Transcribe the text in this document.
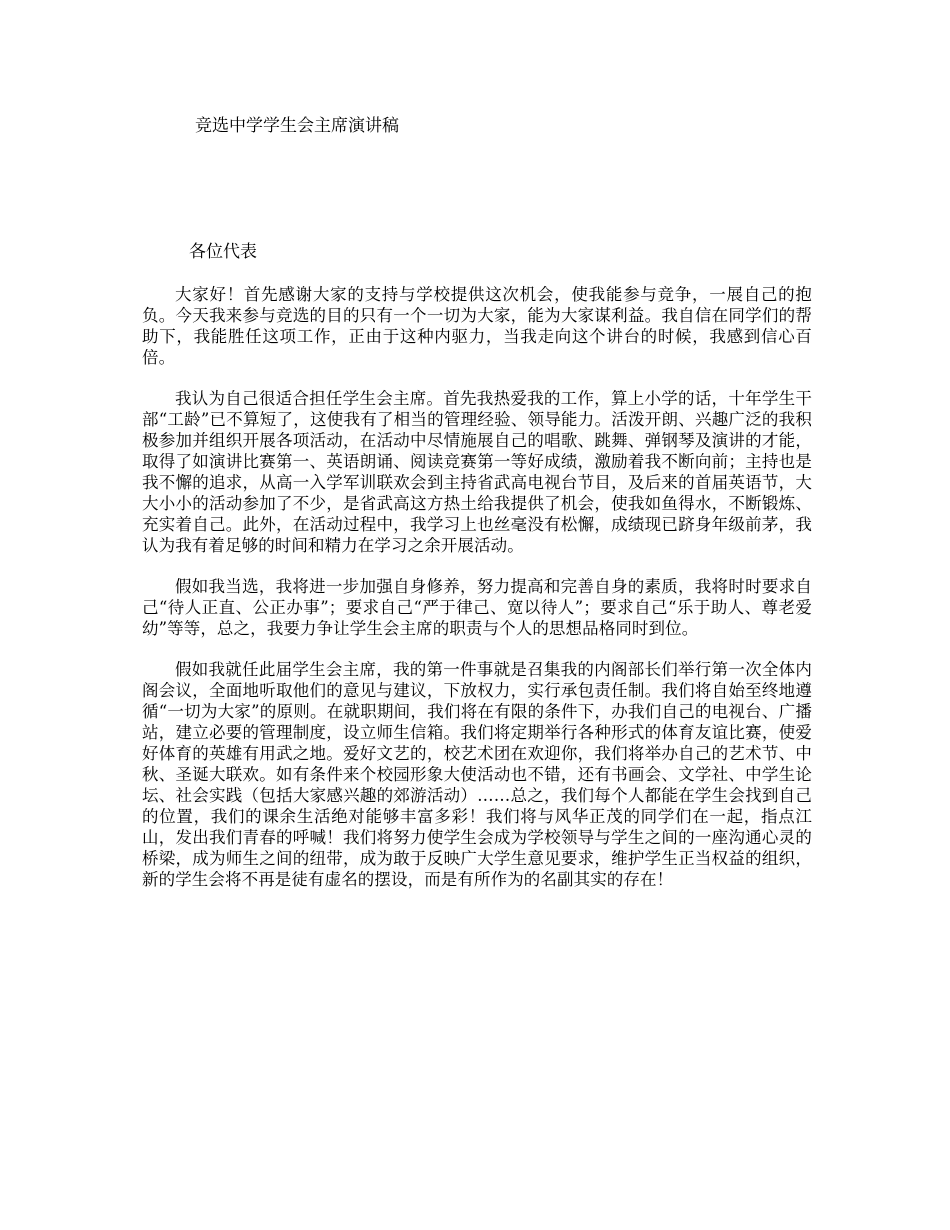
竞选中学学生会主席演讲稿

各位代表

大家好！首先感谢大家的支持与学校提供这次机会，使我能参与竞争，一展自己的抱负。今天我来参与竞选的目的只有一个一切为大家，能为大家谋利益。我自信在同学们的帮助下，我能胜任这项工作，正由于这种内驱力，当我走向这个讲台的时候，我感到信心百倍。

我认为自己很适合担任学生会主席。首先我热爱我的工作，算上小学的话，十年学生干部“工龄”已不算短了，这使我有了相当的管理经验、领导能力。活泼开朗、兴趣广泛的我积极参加并组织开展各项活动，在活动中尽情施展自己的唱歌、跳舞、弹钢琴及演讲的才能，取得了如演讲比赛第一、英语朗诵、阅读竞赛第一等好成绩，激励着我不断向前；主持也是我不懈的追求，从高一入学军训联欢会到主持省武高电视台节目，及后来的首届英语节，大大小小的活动参加了不少，是省武高这方热土给我提供了机会，使我如鱼得水，不断锻炼、充实着自己。此外，在活动过程中，我学习上也丝毫没有松懈，成绩现已跻身年级前茅，我认为我有着足够的时间和精力在学习之余开展活动。

假如我当选，我将进一步加强自身修养，努力提高和完善自身的素质，我将时时要求自己“待人正直、公正办事”；要求自己“严于律己、宽以待人”；要求自己“乐于助人、尊老爱幼”等等，总之，我要力争让学生会主席的职责与个人的思想品格同时到位。

假如我就任此届学生会主席，我的第一件事就是召集我的内阁部长们举行第一次全体内阁会议，全面地听取他们的意见与建议，下放权力，实行承包责任制。我们将自始至终地遵循“一切为大家”的原则。在就职期间，我们将在有限的条件下，办我们自己的电视台、广播站，建立必要的管理制度，设立师生信箱。我们将定期举行各种形式的体育友谊比赛，使爱好体育的英雄有用武之地。爱好文艺的，校艺术团在欢迎你，我们将举办自己的艺术节、中秋、圣诞大联欢。如有条件来个校园形象大使活动也不错，还有书画会、文学社、中学生论坛、社会实践（包括大家感兴趣的郊游活动）……总之，我们每个人都能在学生会找到自己的位置，我们的课余生活绝对能够丰富多彩！我们将与风华正茂的同学们在一起，指点江山，发出我们青春的呼喊！我们将努力使学生会成为学校领导与学生之间的一座沟通心灵的桥梁，成为师生之间的纽带，成为敢于反映广大学生意见要求，维护学生正当权益的组织，新的学生会将不再是徒有虚名的摆设，而是有所作为的名副其实的存在！
